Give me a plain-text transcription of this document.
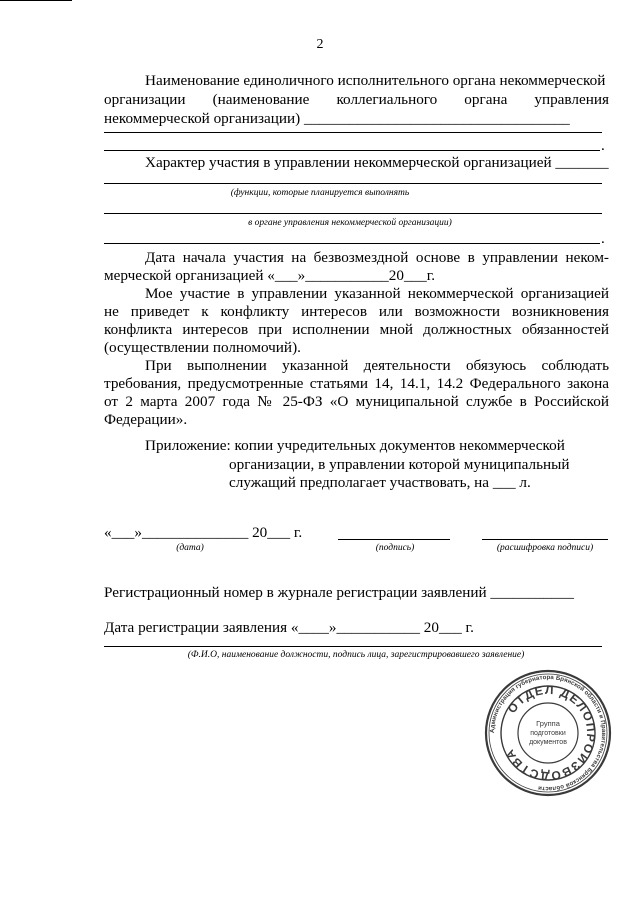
2
Наименование единоличного исполнительного органа некоммерческой
организации (наименование коллегиального органа управления
некоммерческой организации) ___________________________________
.
Характер участия в управлении некоммерческой организацией _______
(функции, которые планируется выполнять
в органе управления некоммерческой организации)
.
Дата начала участия на безвозмездной основе в управлении неком-
мерческой организацией «___»___________20___г.
Мое участие в управлении указанной некоммерческой организацией
не приведет к конфликту интересов или возможности возникновения
конфликта интересов при исполнении мной должностных обязанностей
(осуществлении полномочий).
При выполнении указанной деятельности обязуюсь соблюдать
требования, предусмотренные статьями 14, 14.1, 14.2 Федерального закона
от 2 марта 2007 года № 25-ФЗ «О муниципальной службе в Российской
Федерации».
Приложение: копии учредительных документов некоммерческой
организации, в управлении которой муниципальный
служащий предполагает участвовать, на ___ л.
«___»______________ 20___ г.
(дата)	(подпись)	(расшифровка подписи)
Регистрационный номер в журнале регистрации заявлений ___________
Дата регистрации заявления «____»___________ 20___ г.
(Ф.И.О, наименование должности, подпись лица, зарегистрировавшего заявление)
Администрация губернатора Брянской области и Правительства Брянской области
ОТДЕЛ ДЕЛОПРОИЗВОДСТВА
Группа
подготовки
документов
